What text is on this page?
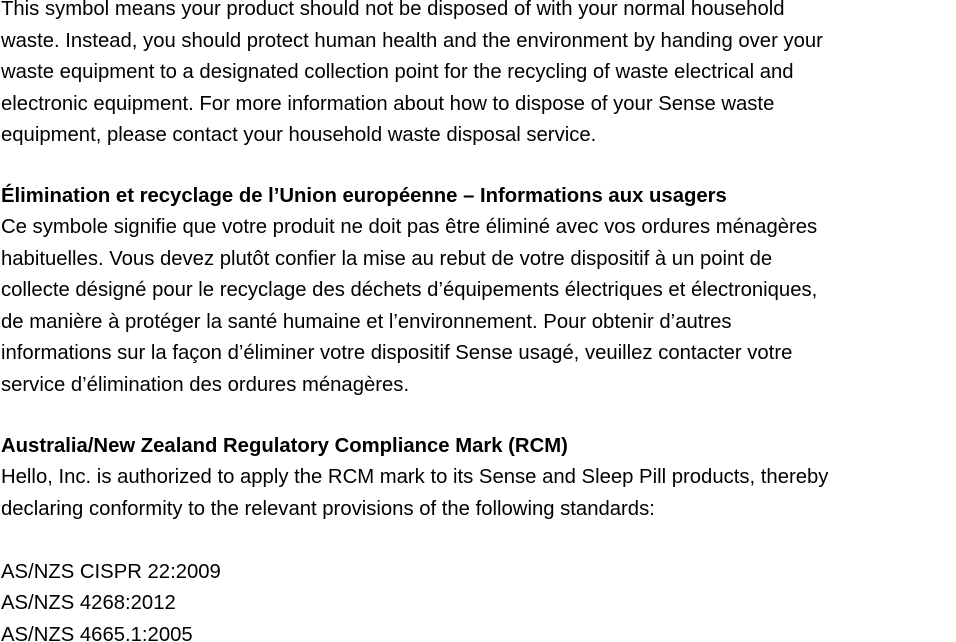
This symbol means your product should not be disposed of with your normal household

waste. Instead, you should protect human health and the environment by handing over your

waste equipment to a designated collection point for the recycling of waste electrical and

electronic equipment. For more information about how to dispose of your Sense waste

equipment, please contact your household waste disposal service.

Élimination et recyclage de l’Union européenne – Informations aux usagers

Ce symbole signifie que votre produit ne doit pas être éliminé avec vos ordures ménagères

habituelles. Vous devez plutôt confier la mise au rebut de votre dispositif à un point de

collecte désigné pour le recyclage des déchets d’équipements électriques et électroniques,

de manière à protéger la santé humaine et l’environnement. Pour obtenir d’autres

informations sur la façon d’éliminer votre dispositif Sense usagé, veuillez contacter votre

service d’élimination des ordures ménagères.

Australia/New Zealand Regulatory Compliance Mark (RCM)

Hello, Inc. is authorized to apply the RCM mark to its Sense and Sleep Pill products, thereby

declaring conformity to the relevant provisions of the following standards:

AS/NZS CISPR 22:2009

AS/NZS 4268:2012

AS/NZS 4665.1:2005
